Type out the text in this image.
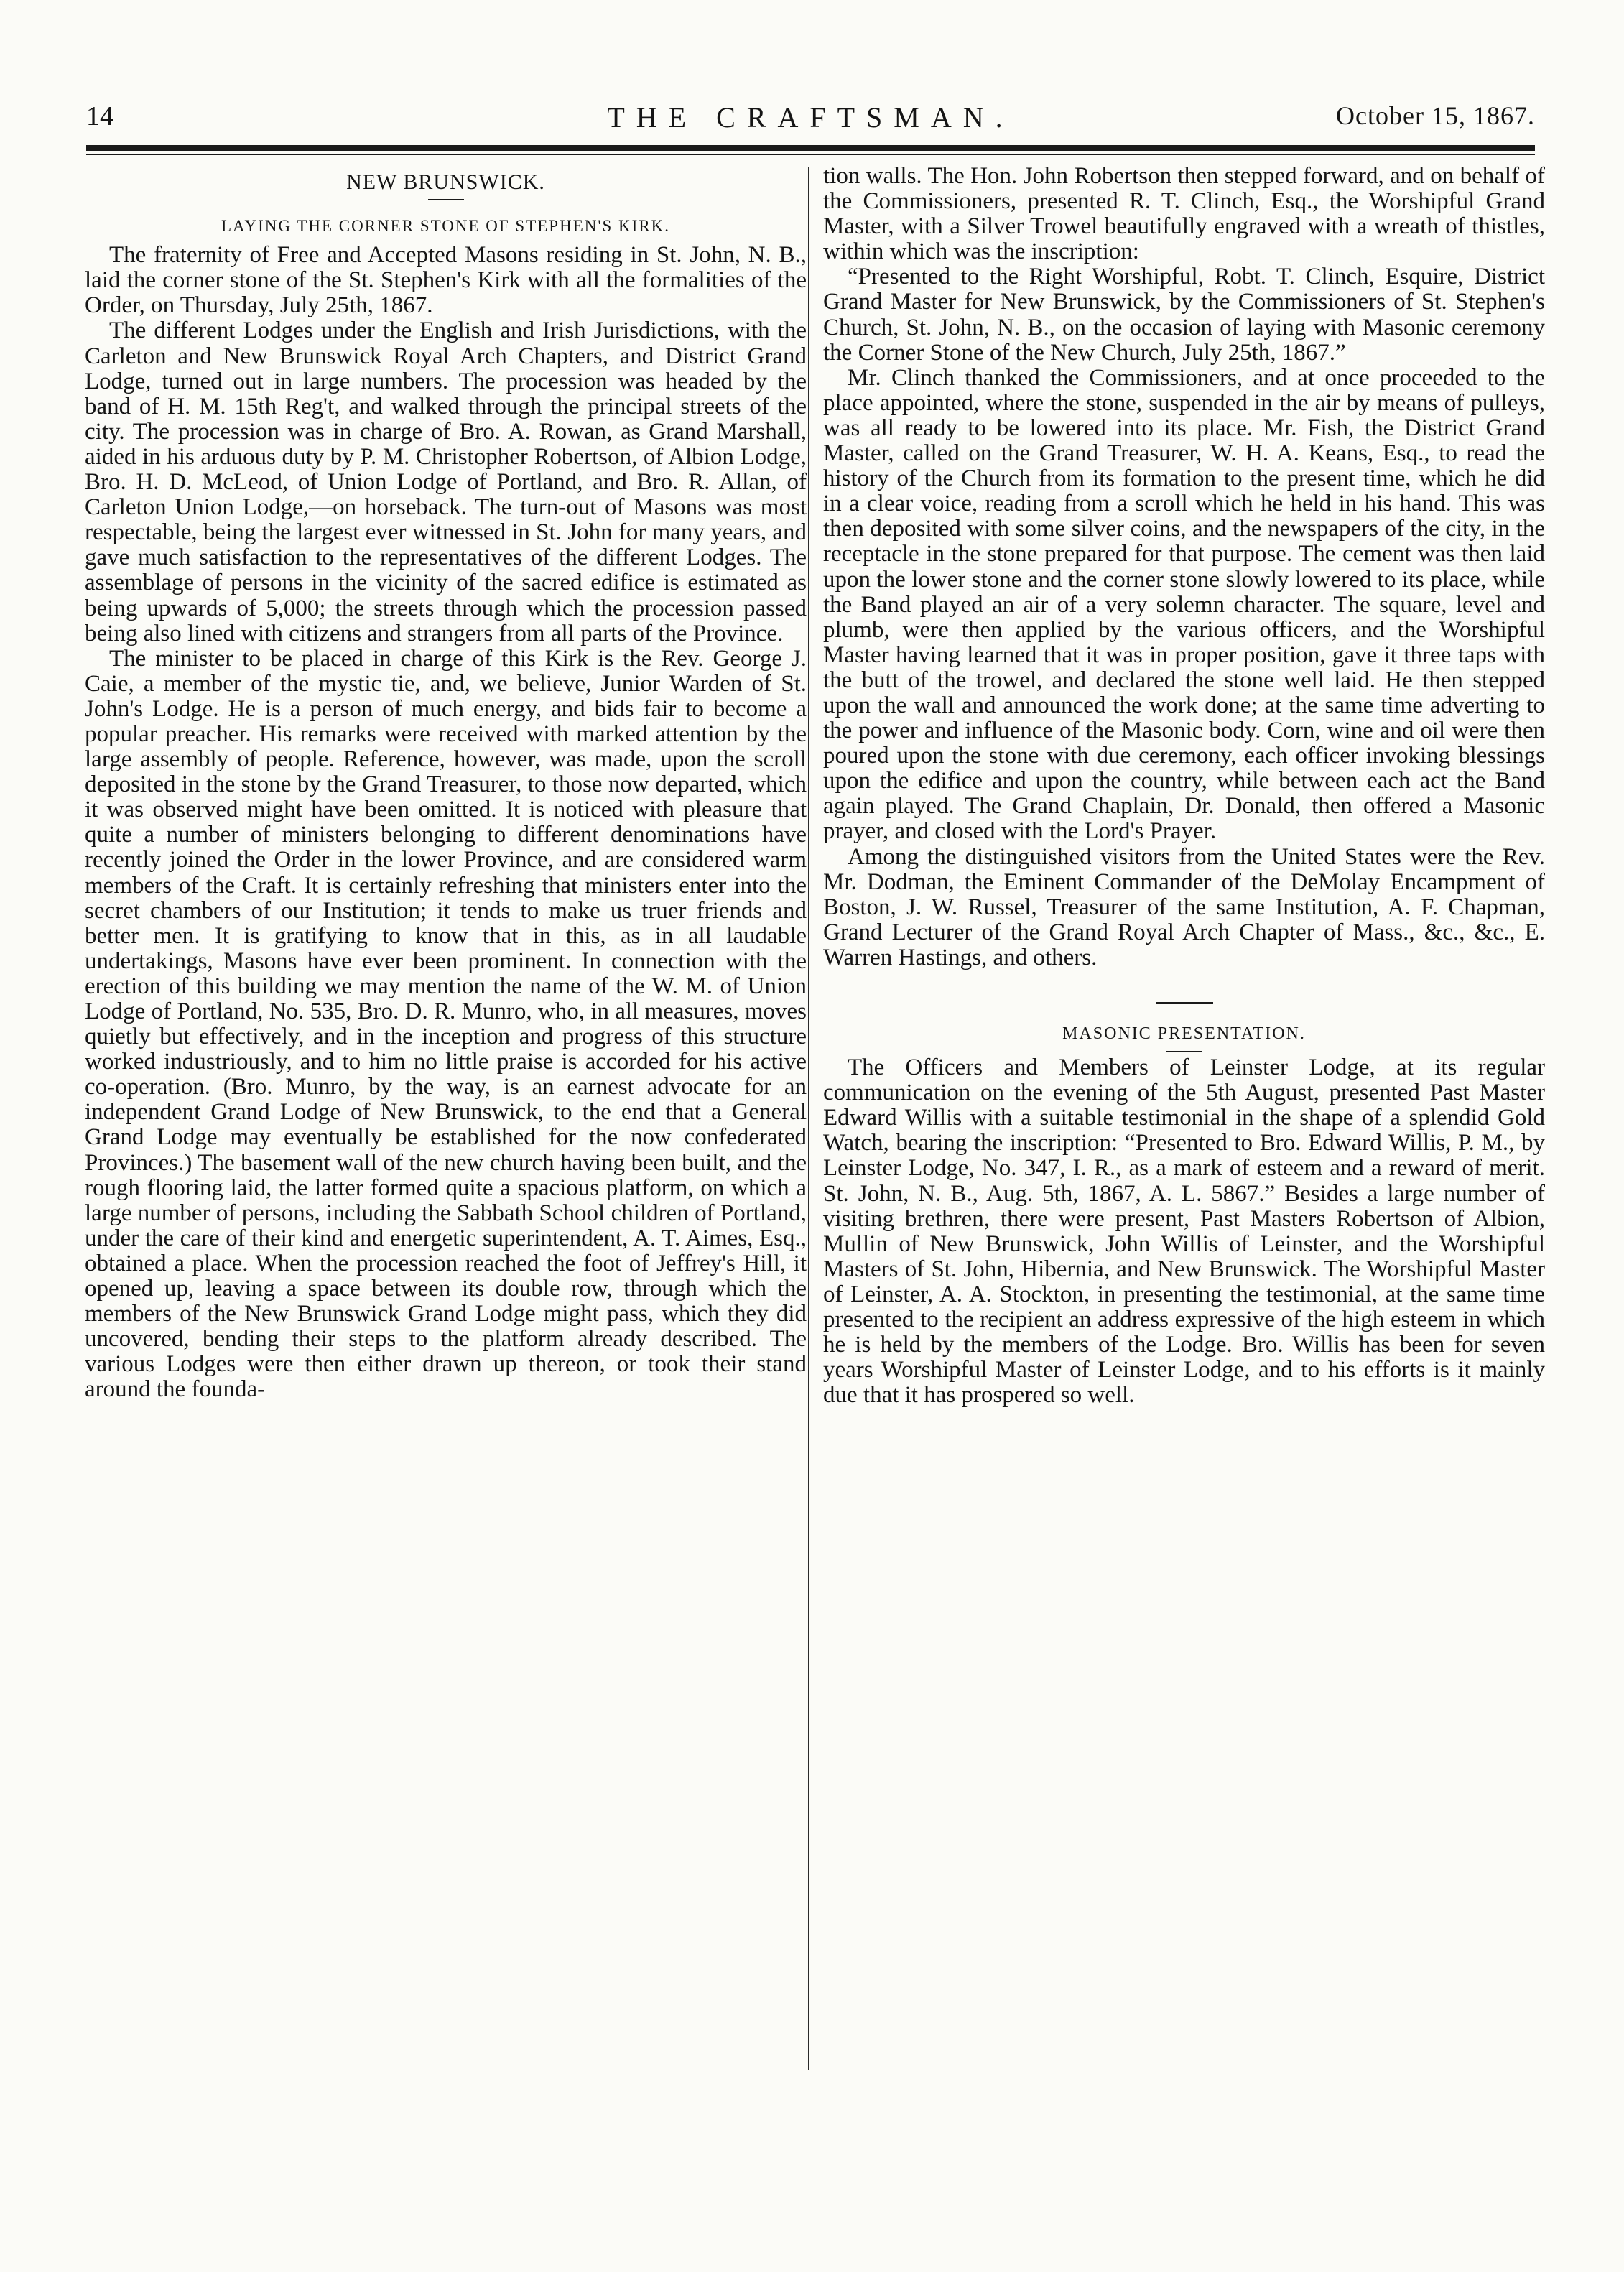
14	THE CRAFTSMAN.	October 15, 1867.
NEW BRUNSWICK.
LAYING THE CORNER STONE OF STEPHEN'S KIRK.

The fraternity of Free and Accepted Masons residing in St. John, N. B., laid the corner stone of the St. Stephen's Kirk with all the formalities of the Order, on Thursday, July 25th, 1867.

The different Lodges under the English and Irish Jurisdictions, with the Carleton and New Brunswick Royal Arch Chapters, and District Grand Lodge, turned out in large numbers. The procession was headed by the band of H. M. 15th Reg't, and walked through the principal streets of the city. The procession was in charge of Bro. A. Rowan, as Grand Marshall, aided in his arduous duty by P. M. Christopher Robertson, of Albion Lodge, Bro. H. D. McLeod, of Union Lodge of Portland, and Bro. R. Allan, of Carleton Union Lodge,—on horseback. The turn-out of Masons was most respectable, being the largest ever witnessed in St. John for many years, and gave much satisfaction to the representatives of the different Lodges. The assemblage of persons in the vicinity of the sacred edifice is estimated as being upwards of 5,000; the streets through which the procession passed being also lined with citizens and strangers from all parts of the Province.

The minister to be placed in charge of this Kirk is the Rev. George J. Caie, a member of the mystic tie, and, we believe, Junior Warden of St. John's Lodge. He is a person of much energy, and bids fair to become a popular preacher. His remarks were received with marked attention by the large assembly of people. Reference, however, was made, upon the scroll deposited in the stone by the Grand Treasurer, to those now departed, which it was observed might have been omitted. It is noticed with pleasure that quite a number of ministers belonging to different denominations have recently joined the Order in the lower Province, and are considered warm members of the Craft. It is certainly refreshing that ministers enter into the secret chambers of our Institution; it tends to make us truer friends and better men. It is gratifying to know that in this, as in all laudable undertakings, Masons have ever been prominent. In connection with the erection of this building we may mention the name of the W. M. of Union Lodge of Portland, No. 535, Bro. D. R. Munro, who, in all measures, moves quietly but effectively, and in the inception and progress of this structure worked industriously, and to him no little praise is accorded for his active co-operation. (Bro. Munro, by the way, is an earnest advocate for an independent Grand Lodge of New Brunswick, to the end that a General Grand Lodge may eventually be established for the now confederated Provinces.) The basement wall of the new church having been built, and the rough flooring laid, the latter formed quite a spacious platform, on which a large number of persons, including the Sabbath School children of Portland, under the care of their kind and energetic superintendent, A. T. Aimes, Esq., obtained a place. When the procession reached the foot of Jeffrey's Hill, it opened up, leaving a space between its double row, through which the members of the New Brunswick Grand Lodge might pass, which they did uncovered, bending their steps to the platform already described. The various Lodges were then either drawn up thereon, or took their stand around the founda-

tion walls. The Hon. John Robertson then stepped forward, and on behalf of the Commissioners, presented R. T. Clinch, Esq., the Worshipful Grand Master, with a Silver Trowel beautifully engraved with a wreath of thistles, within which was the inscription:

“Presented to the Right Worshipful, Robt. T. Clinch, Esquire, District Grand Master for New Brunswick, by the Commissioners of St. Stephen's Church, St. John, N. B., on the occasion of laying with Masonic ceremony the Corner Stone of the New Church, July 25th, 1867.”

Mr. Clinch thanked the Commissioners, and at once proceeded to the place appointed, where the stone, suspended in the air by means of pulleys, was all ready to be lowered into its place. Mr. Fish, the District Grand Master, called on the Grand Treasurer, W. H. A. Keans, Esq., to read the history of the Church from its formation to the present time, which he did in a clear voice, reading from a scroll which he held in his hand. This was then deposited with some silver coins, and the newspapers of the city, in the receptacle in the stone prepared for that purpose. The cement was then laid upon the lower stone and the corner stone slowly lowered to its place, while the Band played an air of a very solemn character. The square, level and plumb, were then applied by the various officers, and the Worshipful Master having learned that it was in proper position, gave it three taps with the butt of the trowel, and declared the stone well laid. He then stepped upon the wall and announced the work done; at the same time adverting to the power and influence of the Masonic body. Corn, wine and oil were then poured upon the stone with due ceremony, each officer invoking blessings upon the edifice and upon the country, while between each act the Band again played. The Grand Chaplain, Dr. Donald, then offered a Masonic prayer, and closed with the Lord's Prayer.

Among the distinguished visitors from the United States were the Rev. Mr. Dodman, the Eminent Commander of the DeMolay Encampment of Boston, J. W. Russel, Treasurer of the same Institution, A. F. Chapman, Grand Lecturer of the Grand Royal Arch Chapter of Mass., &c., &c., E. Warren Hastings, and others.

MASONIC PRESENTATION.

The Officers and Members of Leinster Lodge, at its regular communication on the evening of the 5th August, presented Past Master Edward Willis with a suitable testimonial in the shape of a splendid Gold Watch, bearing the inscription: “Presented to Bro. Edward Willis, P. M., by Leinster Lodge, No. 347, I. R., as a mark of esteem and a reward of merit. St. John, N. B., Aug. 5th, 1867, A. L. 5867.” Besides a large number of visiting brethren, there were present, Past Masters Robertson of Albion, Mullin of New Brunswick, John Willis of Leinster, and the Worshipful Masters of St. John, Hibernia, and New Brunswick. The Worshipful Master of Leinster, A. A. Stockton, in presenting the testimonial, at the same time presented to the recipient an address expressive of the high esteem in which he is held by the members of the Lodge. Bro. Willis has been for seven years Worshipful Master of Leinster Lodge, and to his efforts is it mainly due that it has prospered so well.
